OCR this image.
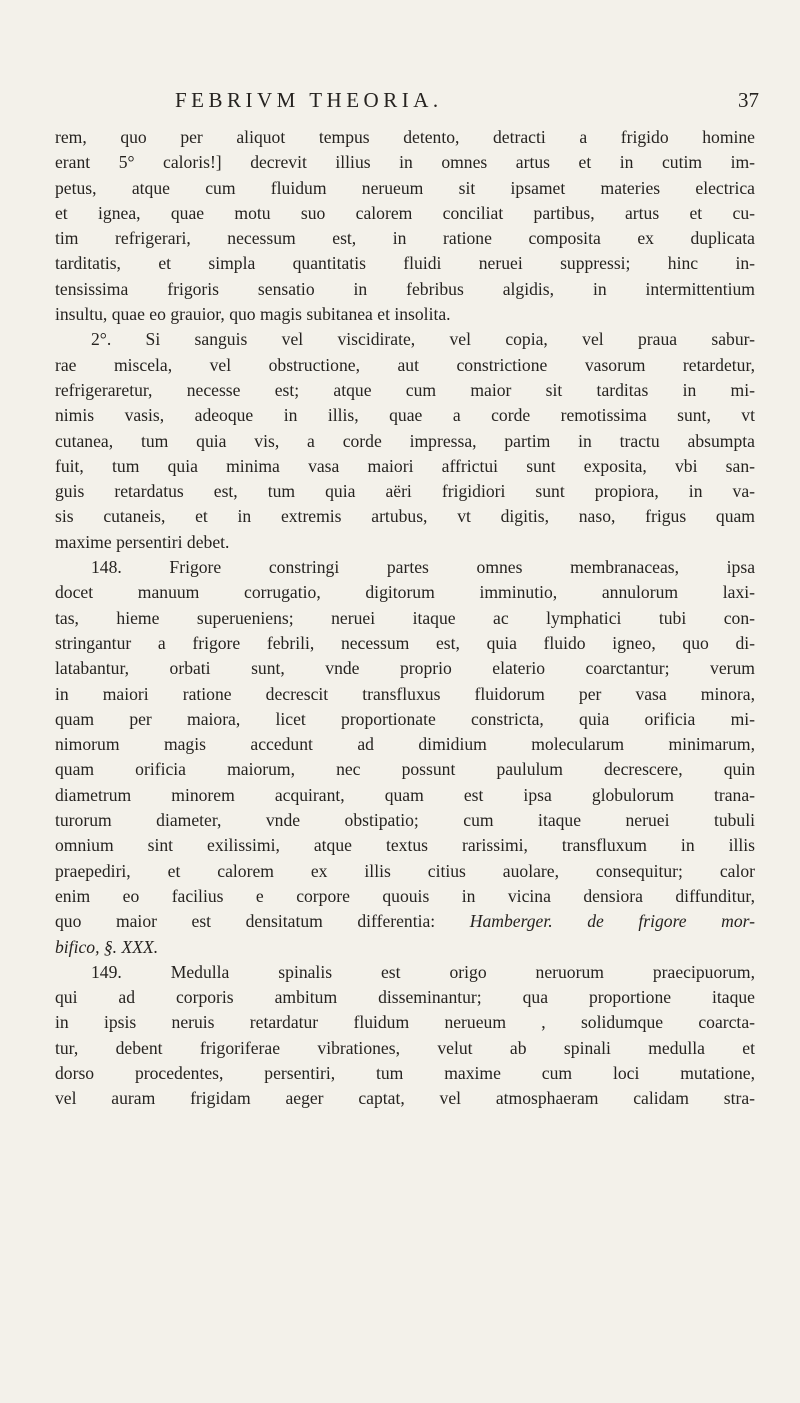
FEBRIVM THEORIA.	37
rem, quo per aliquot tempus detento, detracti a frigido homine
erant 5° caloris!] decrevit illius in omnes artus et in cutim im-
petus, atque cum fluidum nerueum sit ipsamet materies electrica
et ignea, quae motu suo calorem conciliat partibus, artus et cu-
tim refrigerari, necessum est, in ratione composita ex duplicata
tarditatis, et simpla quantitatis fluidi neruei suppressi; hinc in-
tensissima frigoris sensatio in febribus algidis, in intermittentium
insultu, quae eo grauior, quo magis subitanea et insolita.
2°. Si sanguis vel viscidirate, vel copia, vel praua sabur-
rae miscela, vel obstructione, aut constrictione vasorum retardetur,
refrigeraretur, necesse est; atque cum maior sit tarditas in mi-
nimis vasis, adeoque in illis, quae a corde remotissima sunt, vt
cutanea, tum quia vis, a corde impressa, partim in tractu absumpta
fuit, tum quia minima vasa maiori affrictui sunt exposita, vbi san-
guis retardatus est, tum quia aëri frigidiori sunt propiora, in va-
sis cutaneis, et in extremis artubus, vt digitis, naso, frigus quam
maxime persentiri debet.
148. Frigore constringi partes omnes membranaceas, ipsa
docet manuum corrugatio, digitorum imminutio, annulorum laxi-
tas, hieme superueniens; neruei itaque ac lymphatici tubi con-
stringantur a frigore febrili, necessum est, quia fluido igneo, quo di-
latabantur, orbati sunt, vnde proprio elaterio coarctantur; verum
in maiori ratione decrescit transfluxus fluidorum per vasa minora,
quam per maiora, licet proportionate constricta, quia orificia mi-
nimorum magis accedunt ad dimidium molecularum minimarum,
quam orificia maiorum, nec possunt paululum decrescere, quin
diametrum minorem acquirant, quam est ipsa globulorum trana-
turorum diameter, vnde obstipatio; cum itaque neruei tubuli
omnium sint exilissimi, atque textus rarissimi, transfluxum in illis
praepediri, et calorem ex illis citius auolare, consequitur; calor
enim eo facilius e corpore quouis in vicina densiora diffunditur,
quo maior est densitatum differentia: Hamberger. de frigore mor-
bifico, §. XXX.
149. Medulla spinalis est origo neruorum praecipuorum,
qui ad corporis ambitum disseminantur; qua proportione itaque
in ipsis neruis retardatur fluidum nerueum , solidumque coarcta-
tur, debent frigoriferae vibrationes, velut ab spinali medulla et
dorso procedentes, persentiri, tum maxime cum loci mutatione,
vel auram frigidam aeger captat, vel atmosphaeram calidam stra-
